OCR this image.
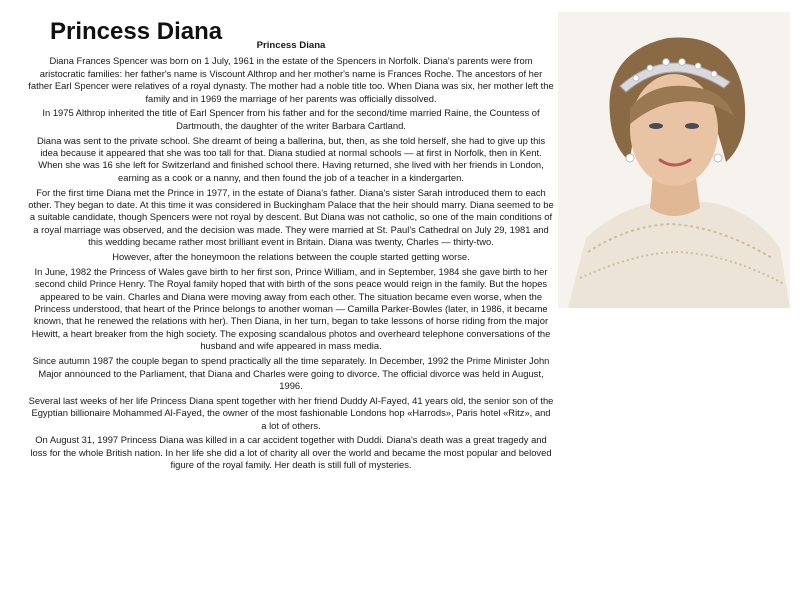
Princess Diana
Princess Diana

Diana Frances Spencer was born on 1 July, 1961 in the estate of the Spencers in Norfolk. Diana's parents were from aristocratic families: her father's name is Viscount Althrop and her mother's name is Frances Roche. The ancestors of her father Earl Spencer were relatives of a royal dynasty. The mother had a noble title too. When Diana was six, her mother left the family and in 1969 the marriage of her parents was officially dissolved.

In 1975 Althrop inherited the title of Earl Spencer from his father and for the second/time married Raine, the Countess of Dartmouth, the daughter of the writer Barbara Cartland.

Diana was sent to the private school. She dreamt of being a ballerina, but, then, as she told herself, she had to give up this idea because it appeared that she was too tall for that. Diana studied at normal schools — at first in Norfolk, then in Kent. When she was 16 she left for Switzerland and finished school there. Having returned, she lived with her friends in London, earning as a cook or a nanny, and then found the job of a teacher in a kindergarten.

For the first time Diana met the Prince in 1977, in the estate of Diana's father. Diana's sister Sarah introduced them to each other. They began to date. At this time it was considered in Buckingham Palace that the heir should marry. Diana seemed to be a suitable candidate, though Spencers were not royal by descent. But Diana was not catholic, so one of the main conditions of a royal marriage was observed, and the decision was made. They were married at St. Paul's Cathedral on July 29, 1981 and this wedding became rather most brilliant event in Britain. Diana was twenty, Charles — thirty-two.

However, after the honeymoon the relations between the couple started getting worse.

In June, 1982 the Princess of Wales gave birth to her first son, Prince William, and in September, 1984 she gave birth to her second child Prince Henry. The Royal family hoped that with birth of the sons peace would reign in the family. But the hopes appeared to be vain. Charles and Diana were moving away from each other. The situation became even worse, when the Princess understood, that heart of the Prince belongs to another woman — Camilla Parker-Bowles (later, in 1986, it became known, that he renewed the relations with her). Then Diana, in her turn, began to take lessons of horse riding from the major Hewitt, a heart breaker from the high society. The exposing scandalous photos and overheard telephone conversations of the husband and wife appeared in mass media.

Since autumn 1987 the couple began to spend practically all the time separately. In December, 1992 the Prime Minister John Major announced to the Parliament, that Diana and Charles were going to divorce. The official divorce was held in August, 1996.

Several last weeks of her life Princess Diana spent together with her friend Duddy Al-Fayed, 41 years old, the senior son of the Egyptian billionaire Mohammed Al-Fayed, the owner of the most fashionable Londons hop «Harrods», Paris hotel «Ritz», and a lot of others.

On August 31, 1997 Princess Diana was killed in a car accident together with Duddi. Diana's death was a great tragedy and loss for the whole British nation. In her life she did a lot of charity all over the world and became the most popular and beloved figure of the royal family. Her death is still full of mysteries.
